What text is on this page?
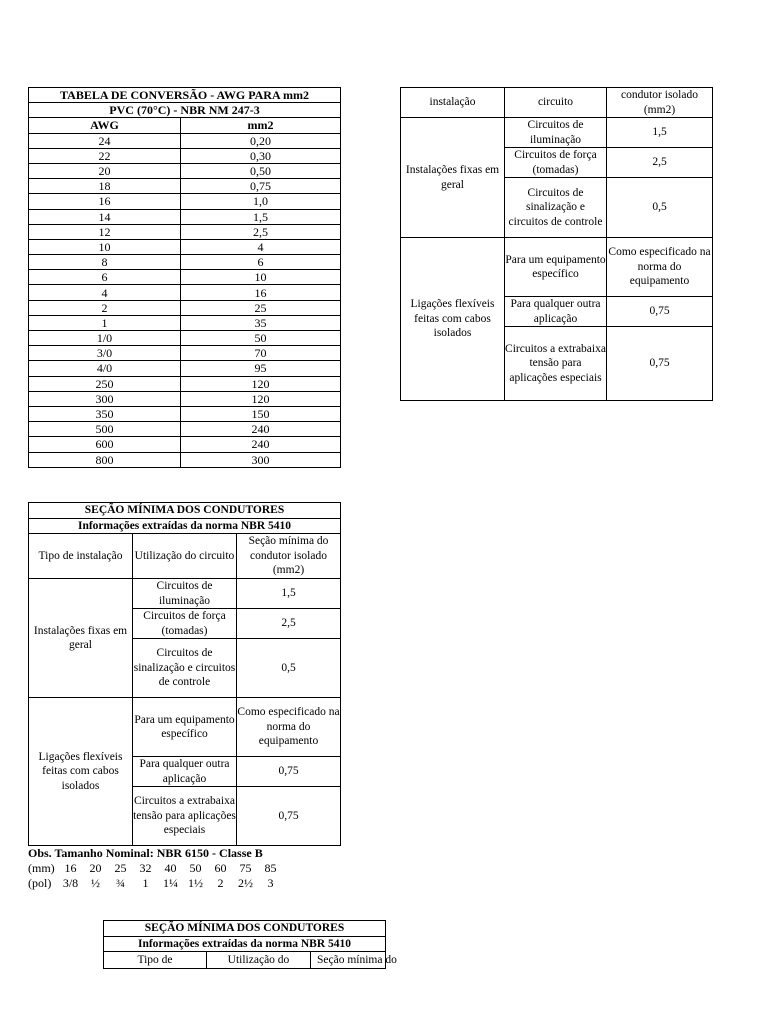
TABELA DE CONVERSÃO - AWG PARA mm2	
PVC (70°C) - NBR NM 247-3	
AWG	mm2
24	0,20
22	0,30
20	0,50
18	0,75
16	1,0
14	1,5
12	2,5
10	4
8	6
6	10
4	16
2	25
1	35
1/0	50
3/0	70
4/0	95
250	120
300	120
350	150
500	240
600	240
800	300
instalação	circuito	condutor isolado (mm2)
Instalações fixas em geral	Circuitos de iluminação	1,5
	Circuitos de força (tomadas)	2,5
	Circuitos de sinalização e circuitos de controle	0,5
Ligações flexíveis feitas com cabos isolados	Para um equipamento específico	Como especificado na norma do equipamento
	Para qualquer outra aplicação	0,75
	Circuitos a extrabaixa tensão para aplicações especiais	0,75
SEÇÃO MÍNIMA DOS CONDUTORES		
Informações extraídas da norma NBR 5410		
Tipo de instalação	Utilização do circuito	Seção mínima do condutor isolado (mm2)
Instalações fixas em geral	Circuitos de iluminação	1,5
	Circuitos de força (tomadas)	2,5
	Circuitos de sinalização e circuitos de controle	0,5
Ligações flexíveis feitas com cabos isolados	Para um equipamento específico	Como especificado na norma do equipamento
	Para qualquer outra aplicação	0,75
	Circuitos a extrabaixa tensão para aplicações especiais	0,75
Obs. Tamanho Nominal: NBR 6150 - Classe B
(mm) 16 20 25 32 40 50 60 75 85
(pol) 3/8 ½ ¾ 1 1¼ 1½ 2 2½ 3
SEÇÃO MÍNIMA DOS CONDUTORES
Informações extraídas da norma NBR 5410
Tipo de	Utilização do	Seção mínima do
